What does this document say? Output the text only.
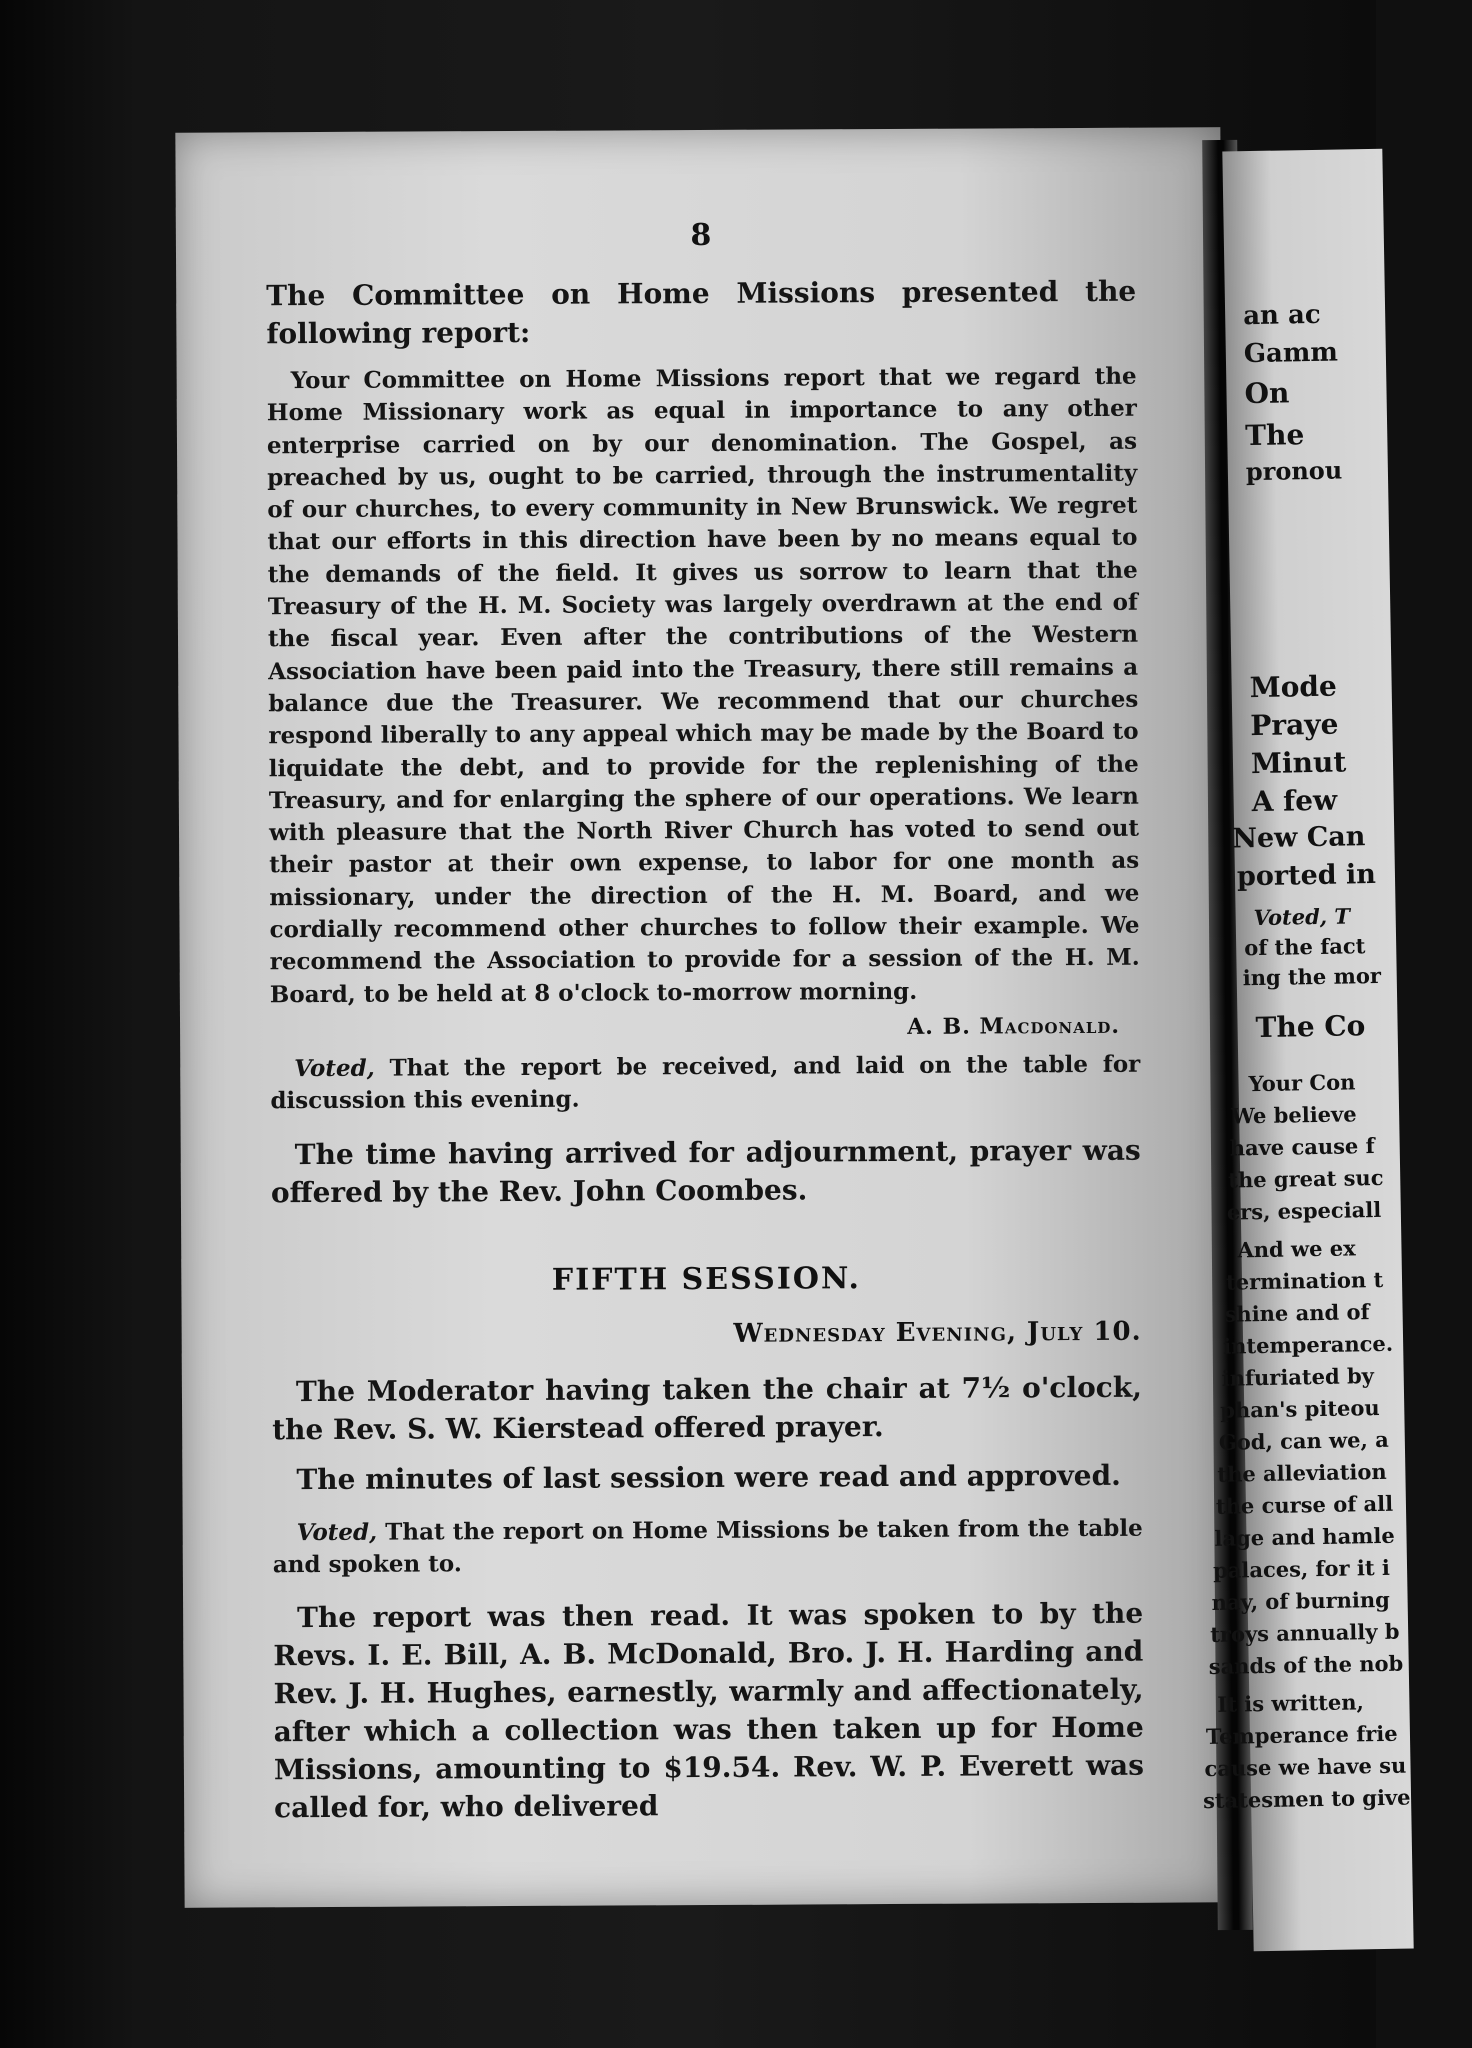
8

The Committee on Home Missions presented the following report:

Your Committee on Home Missions report that we regard the Home Missionary work as equal in importance to any other enterprise carried on by our denomination. The Gospel, as preached by us, ought to be carried, through the instrumentality of our churches, to every community in New Brunswick. We regret that our efforts in this direction have been by no means equal to the demands of the field. It gives us sorrow to learn that the Treasury of the H. M. Society was largely overdrawn at the end of the fiscal year. Even after the contributions of the Western Association have been paid into the Treasury, there still remains a balance due the Treasurer. We recommend that our churches respond liberally to any appeal which may be made by the Board to liquidate the debt, and to provide for the replenishing of the Treasury, and for enlarging the sphere of our operations. We learn with pleasure that the North River Church has voted to send out their pastor at their own expense, to labor for one month as missionary, under the direction of the H. M. Board, and we cordially recommend other churches to follow their example. We recommend the Association to provide for a session of the H. M. Board, to be held at 8 o'clock to-morrow morning.

A. B. Macdonald.

Voted, That the report be received, and laid on the table for discussion this evening.

The time having arrived for adjournment, prayer was offered by the Rev. John Coombes.

FIFTH SESSION.
Wednesday Evening, July 10.

The Moderator having taken the chair at 7½ o'clock, the Rev. S. W. Kierstead offered prayer.

The minutes of last session were read and approved.

Voted, That the report on Home Missions be taken from the table and spoken to.

The report was then read. It was spoken to by the Revs. I. E. Bill, A. B. McDonald, Bro. J. H. Harding and Rev. J. H. Hughes, earnestly, warmly and affectionately, after which a collection was then taken up for Home Missions, amounting to $19.54. Rev. W. P. Everett was called for, who delivered

an ac
Gamm
On
The
pronou
Mode
Praye
Minut
A few
New Can
ported in
Voted, T
of the fact
ing the mor
The Co
Your Con
We believe
have cause f
the great suc
ers, especiall
And we ex
termination t
shine and of
intemperance.
infuriated by
phan's piteou
God, can we, a
the alleviation
the curse of all
lage and hamle
palaces, for it i
nay, of burning
troys annually b
sands of the nob
It is written,
Temperance frie
cause we have su
statesmen to give
